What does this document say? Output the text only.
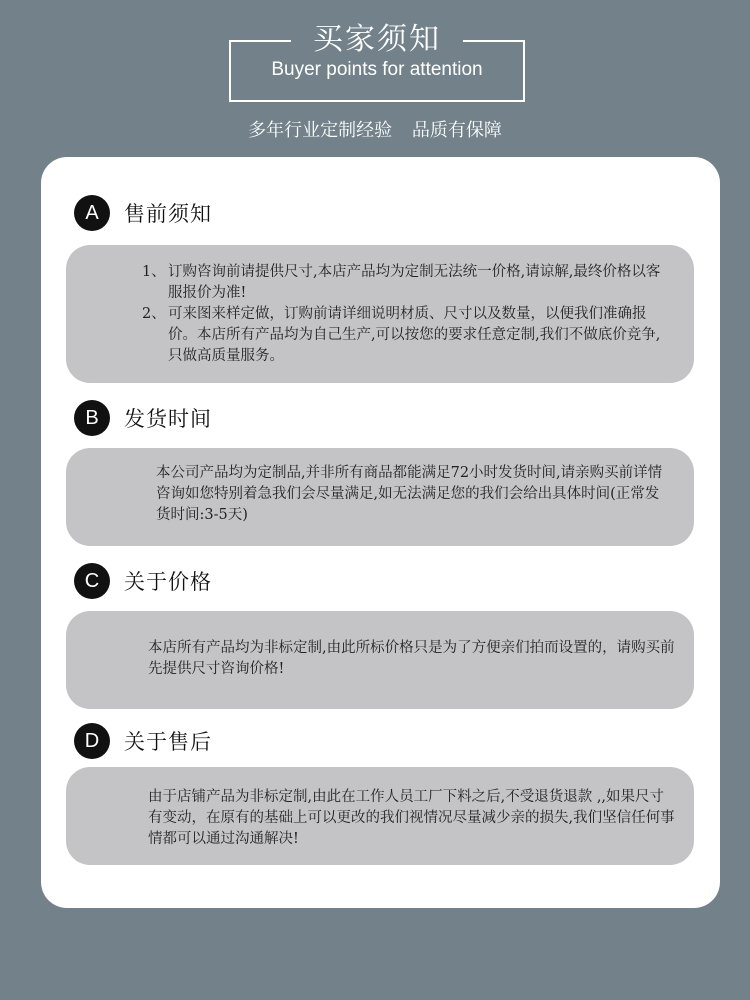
买家须知
Buyer points for attention
多年行业定制经验 品质有保障
A	售前须知
1、 订购咨询前请提供尺寸,本店产品均为定制无法统一价格,请谅解,最终价格以客服报价为准!
2、 可来图来样定做，订购前请详细说明材质、尺寸以及数量，以便我们准确报价。本店所有产品均为自己生产,可以按您的要求任意定制,我们不做底价竞争,只做高质量服务。
B	发货时间

本公司产品均为定制品,并非所有商品都能满足72小时发货时间,请亲购买前详情咨询如您特别着急我们会尽量满足,如无法满足您的我们会给出具体时间(正常发货时间:3-5天)

C	关于价格

本店所有产品均为非标定制,由此所标价格只是为了方便亲们拍而设置的，请购买前先提供尺寸咨询价格!

D	关于售后

由于店铺产品为非标定制,由此在工作人员工厂下料之后,不受退货退款 ,,如果尺寸有变动，在原有的基础上可以更改的我们视情况尽量减少亲的损失,我们坚信任何事情都可以通过沟通解决!
